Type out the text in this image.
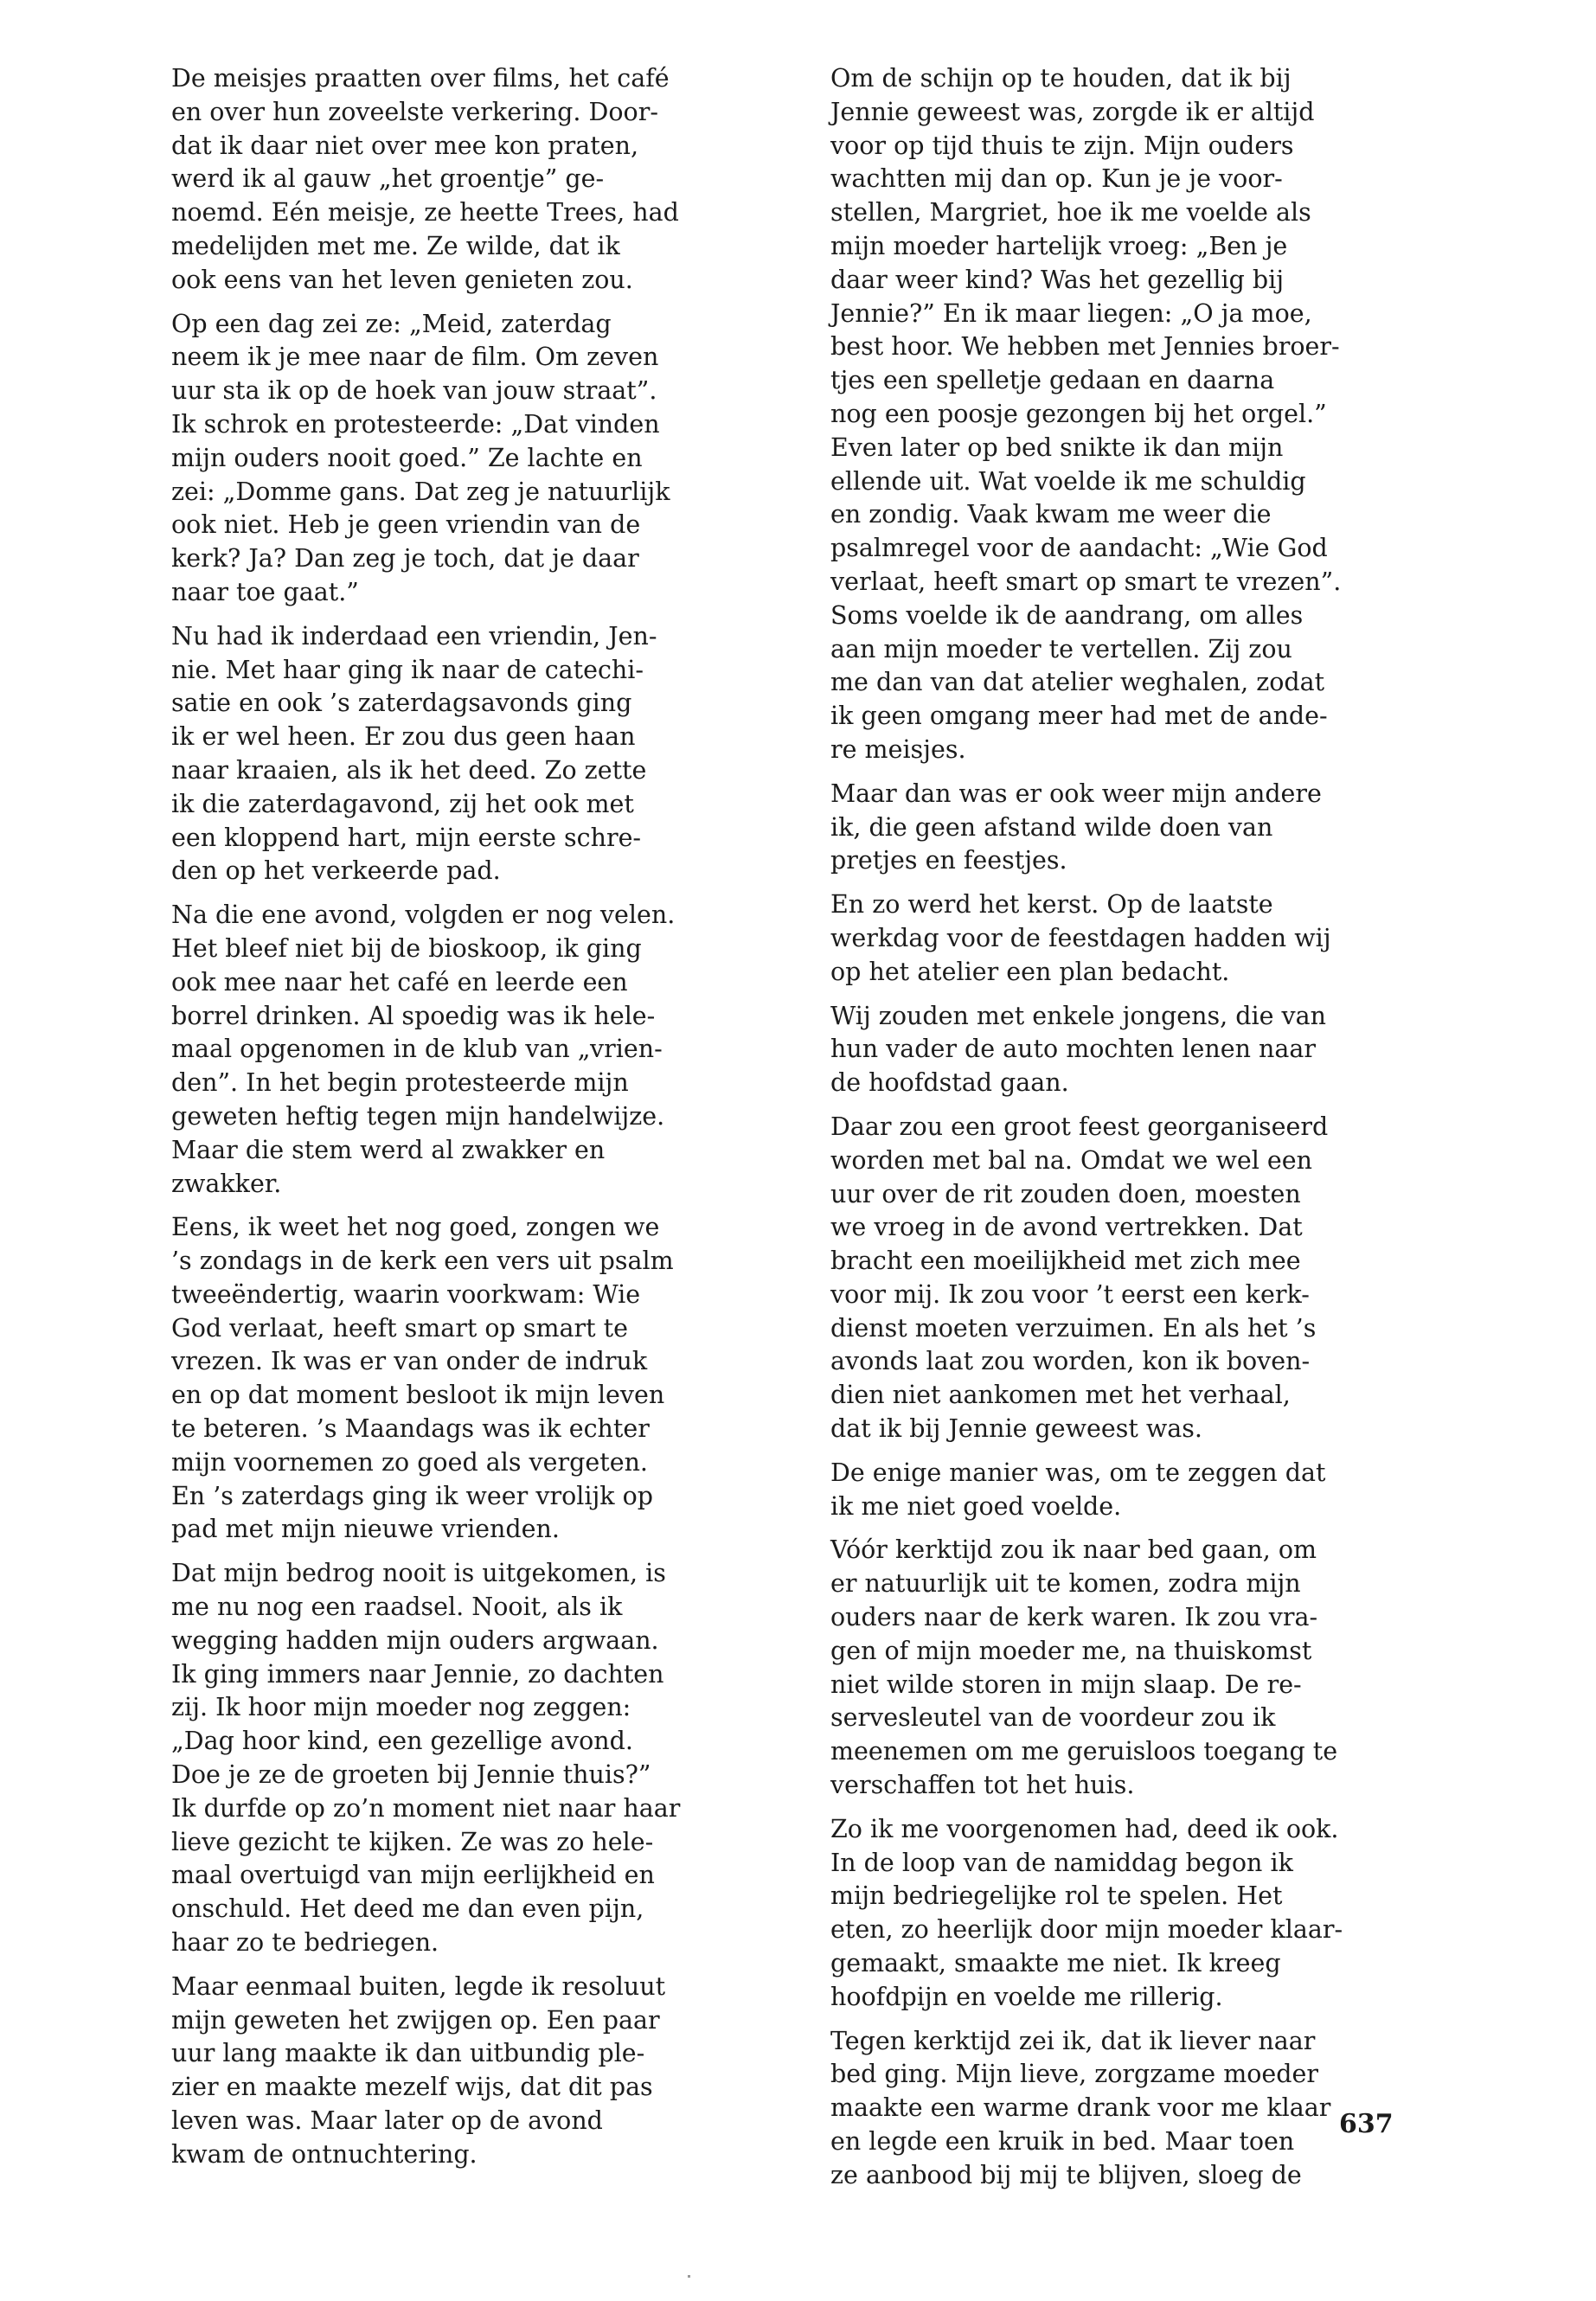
De meisjes praatten over films, het café
en over hun zoveelste verkering. Door-
dat ik daar niet over mee kon praten,
werd ik al gauw „het groentje” ge-
noemd. Eén meisje, ze heette Trees, had
medelijden met me. Ze wilde, dat ik
ook eens van het leven genieten zou.

Op een dag zei ze: „Meid, zaterdag
neem ik je mee naar de film. Om zeven
uur sta ik op de hoek van jouw straat”.
Ik schrok en protesteerde: „Dat vinden
mijn ouders nooit goed.” Ze lachte en
zei: „Domme gans. Dat zeg je natuurlijk
ook niet. Heb je geen vriendin van de
kerk? Ja? Dan zeg je toch, dat je daar
naar toe gaat.”

Nu had ik inderdaad een vriendin, Jen-
nie. Met haar ging ik naar de catechi-
satie en ook ’s zaterdagsavonds ging
ik er wel heen. Er zou dus geen haan
naar kraaien, als ik het deed. Zo zette
ik die zaterdagavond, zij het ook met
een kloppend hart, mijn eerste schre-
den op het verkeerde pad.

Na die ene avond, volgden er nog velen.
Het bleef niet bij de bioskoop, ik ging
ook mee naar het café en leerde een
borrel drinken. Al spoedig was ik hele-
maal opgenomen in de klub van „vrien-
den”. In het begin protesteerde mijn
geweten heftig tegen mijn handelwijze.
Maar die stem werd al zwakker en
zwakker.

Eens, ik weet het nog goed, zongen we
’s zondags in de kerk een vers uit psalm
tweeëndertig, waarin voorkwam: Wie
God verlaat, heeft smart op smart te
vrezen. Ik was er van onder de indruk
en op dat moment besloot ik mijn leven
te beteren. ’s Maandags was ik echter
mijn voornemen zo goed als vergeten.
En ’s zaterdags ging ik weer vrolijk op
pad met mijn nieuwe vrienden.

Dat mijn bedrog nooit is uitgekomen, is
me nu nog een raadsel. Nooit, als ik
wegging hadden mijn ouders argwaan.
Ik ging immers naar Jennie, zo dachten
zij. Ik hoor mijn moeder nog zeggen:
„Dag hoor kind, een gezellige avond.
Doe je ze de groeten bij Jennie thuis?”
Ik durfde op zo’n moment niet naar haar
lieve gezicht te kijken. Ze was zo hele-
maal overtuigd van mijn eerlijkheid en
onschuld. Het deed me dan even pijn,
haar zo te bedriegen.

Maar eenmaal buiten, legde ik resoluut
mijn geweten het zwijgen op. Een paar
uur lang maakte ik dan uitbundig ple-
zier en maakte mezelf wijs, dat dit pas
leven was. Maar later op de avond
kwam de ontnuchtering.

Om de schijn op te houden, dat ik bij
Jennie geweest was, zorgde ik er altijd
voor op tijd thuis te zijn. Mijn ouders
wachtten mij dan op. Kun je je voor-
stellen, Margriet, hoe ik me voelde als
mijn moeder hartelijk vroeg: „Ben je
daar weer kind? Was het gezellig bij
Jennie?” En ik maar liegen: „O ja moe,
best hoor. We hebben met Jennies broer-
tjes een spelletje gedaan en daarna
nog een poosje gezongen bij het orgel.”
Even later op bed snikte ik dan mijn
ellende uit. Wat voelde ik me schuldig
en zondig. Vaak kwam me weer die
psalmregel voor de aandacht: „Wie God
verlaat, heeft smart op smart te vrezen”.
Soms voelde ik de aandrang, om alles
aan mijn moeder te vertellen. Zij zou
me dan van dat atelier weghalen, zodat
ik geen omgang meer had met de ande-
re meisjes.

Maar dan was er ook weer mijn andere
ik, die geen afstand wilde doen van
pretjes en feestjes.

En zo werd het kerst. Op de laatste
werkdag voor de feestdagen hadden wij
op het atelier een plan bedacht.

Wij zouden met enkele jongens, die van
hun vader de auto mochten lenen naar
de hoofdstad gaan.

Daar zou een groot feest georganiseerd
worden met bal na. Omdat we wel een
uur over de rit zouden doen, moesten
we vroeg in de avond vertrekken. Dat
bracht een moeilijkheid met zich mee
voor mij. Ik zou voor ’t eerst een kerk-
dienst moeten verzuimen. En als het ’s
avonds laat zou worden, kon ik boven-
dien niet aankomen met het verhaal,
dat ik bij Jennie geweest was.

De enige manier was, om te zeggen dat
ik me niet goed voelde.

Vóór kerktijd zou ik naar bed gaan, om
er natuurlijk uit te komen, zodra mijn
ouders naar de kerk waren. Ik zou vra-
gen of mijn moeder me, na thuiskomst
niet wilde storen in mijn slaap. De re-
servesleutel van de voordeur zou ik
meenemen om me geruisloos toegang te
verschaffen tot het huis.

Zo ik me voorgenomen had, deed ik ook.
In de loop van de namiddag begon ik
mijn bedriegelijke rol te spelen. Het
eten, zo heerlijk door mijn moeder klaar-
gemaakt, smaakte me niet. Ik kreeg
hoofdpijn en voelde me rillerig.

Tegen kerktijd zei ik, dat ik liever naar
bed ging. Mijn lieve, zorgzame moeder
maakte een warme drank voor me klaar
en legde een kruik in bed. Maar toen
ze aanbood bij mij te blijven, sloeg de

637
